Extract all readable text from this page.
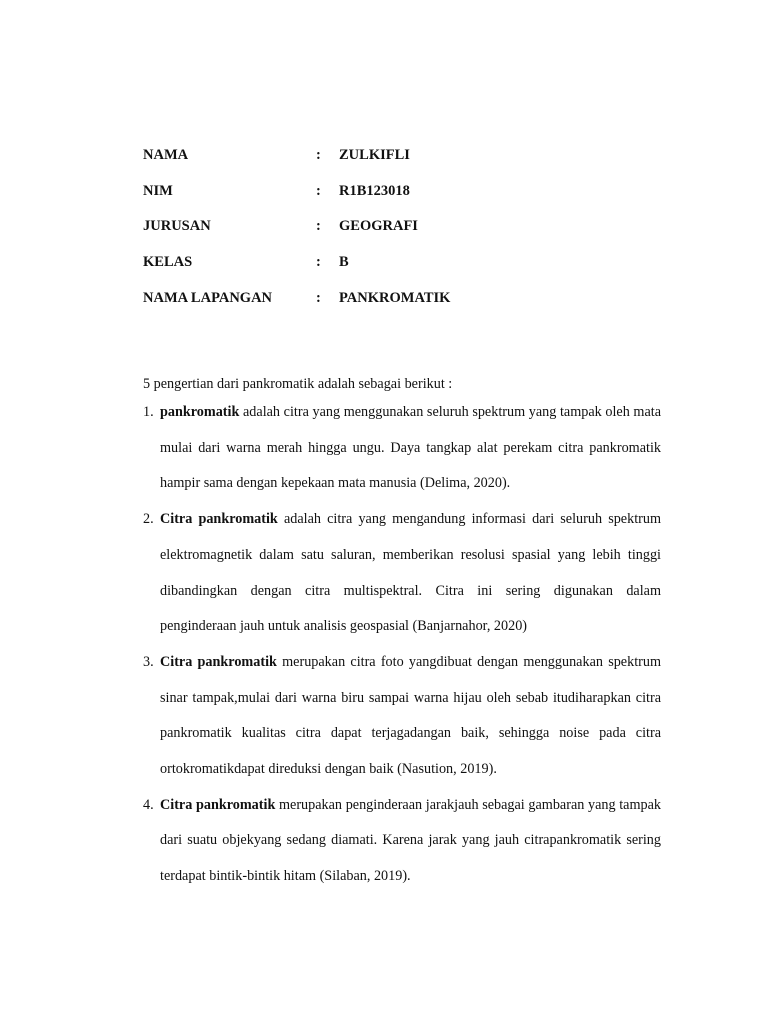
NAMA	: ZULKIFLI
NIM	: R1B123018
JURUSAN	: GEOGRAFI
KELAS	: B
NAMA LAPANGAN	: PANKROMATIK

5 pengertian dari pankromatik adalah sebagai berikut :

1. pankromatik adalah citra yang menggunakan seluruh spektrum yang tampak oleh mata mulai dari warna merah hingga ungu. Daya tangkap alat perekam citra pankromatik hampir sama dengan kepekaan mata manusia (Delima, 2020).
2. Citra pankromatik adalah citra yang mengandung informasi dari seluruh spektrum elektromagnetik dalam satu saluran, memberikan resolusi spasial yang lebih tinggi dibandingkan dengan citra multispektral. Citra ini sering digunakan dalam penginderaan jauh untuk analisis geospasial (Banjarnahor, 2020)
3. Citra pankromatik merupakan citra foto yangdibuat dengan menggunakan spektrum sinar tampak,mulai dari warna biru sampai warna hijau oleh sebab itudiharapkan citra pankromatik kualitas citra dapat terjagadangan baik, sehingga noise pada citra ortokromatikdapat direduksi dengan baik (Nasution, 2019).
4. Citra pankromatik merupakan penginderaan jarakjauh sebagai gambaran yang tampak dari suatu objekyang sedang diamati. Karena jarak yang jauh citrapankromatik sering terdapat bintik-bintik hitam (Silaban, 2019).
